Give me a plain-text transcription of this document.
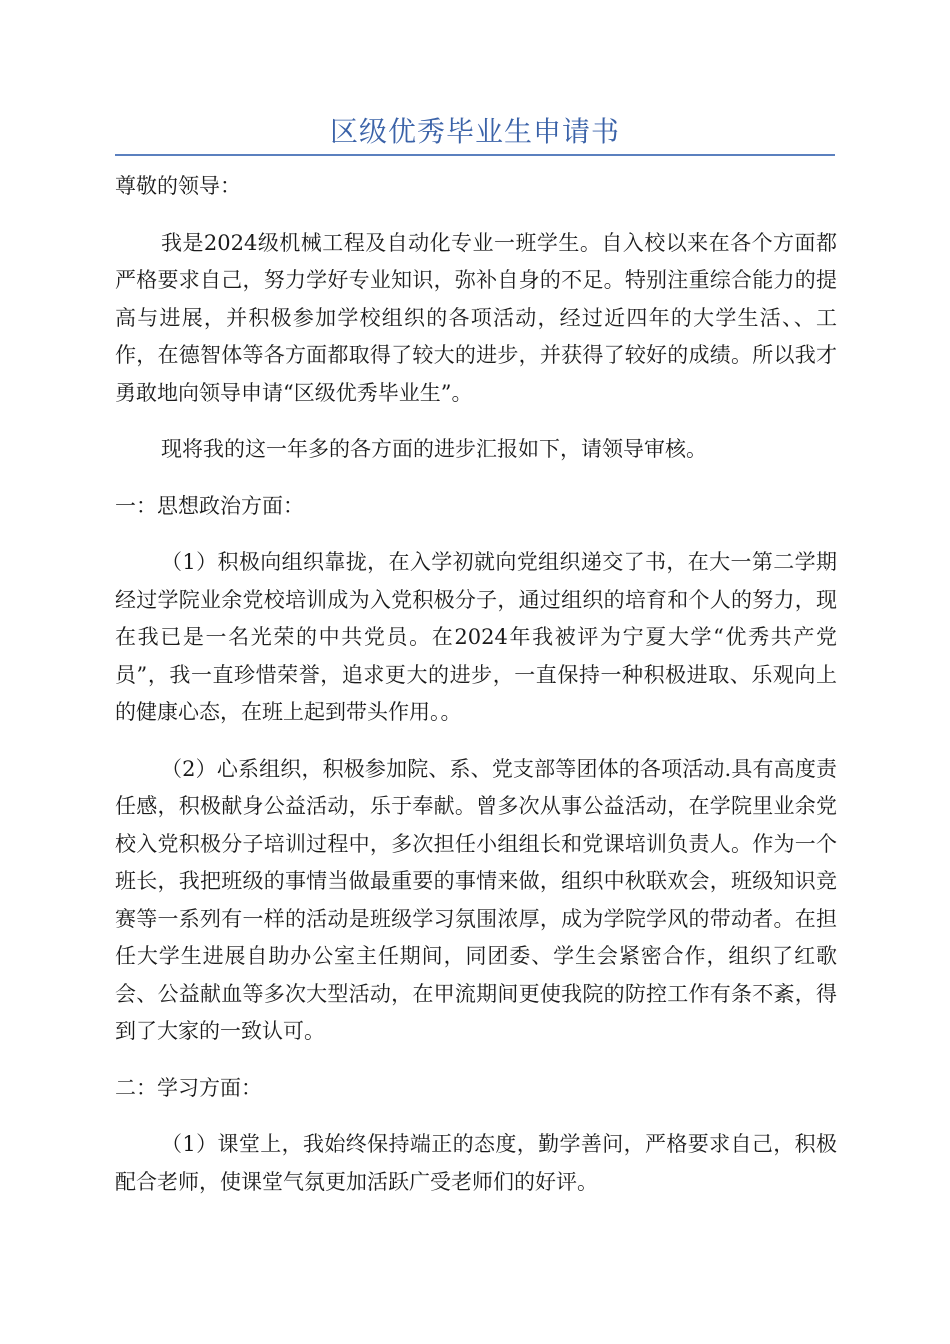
区级优秀毕业生申请书

尊敬的领导：

我是2024级机械工程及自动化专业一班学生。自入校以来在各个方面都严格要求自己，努力学好专业知识，弥补自身的不足。特别注重综合能力的提高与进展，并积极参加学校组织的各项活动，经过近四年的大学生活、、工作，在德智体等各方面都取得了较大的进步，并获得了较好的成绩。所以我才勇敢地向领导申请“区级优秀毕业生”。

现将我的这一年多的各方面的进步汇报如下，请领导审核。

一：思想政治方面：

（1）积极向组织靠拢，在入学初就向党组织递交了书，在大一第二学期经过学院业余党校培训成为入党积极分子，通过组织的培育和个人的努力，现在我已是一名光荣的中共党员。在2024年我被评为宁夏大学“优秀共产党员”，我一直珍惜荣誉，追求更大的进步，一直保持一种积极进取、乐观向上的健康心态，在班上起到带头作用。。

（2）心系组织，积极参加院、系、党支部等团体的各项活动.具有高度责任感，积极献身公益活动，乐于奉献。曾多次从事公益活动，在学院里业余党校入党积极分子培训过程中，多次担任小组组长和党课培训负责人。作为一个班长，我把班级的事情当做最重要的事情来做，组织中秋联欢会，班级知识竞赛等一系列有一样的活动是班级学习氛围浓厚，成为学院学风的带动者。在担任大学生进展自助办公室主任期间，同团委、学生会紧密合作，组织了红歌会、公益献血等多次大型活动，在甲流期间更使我院的防控工作有条不紊，得到了大家的一致认可。

二：学习方面：

（1）课堂上，我始终保持端正的态度，勤学善问，严格要求自己，积极配合老师，使课堂气氛更加活跃广受老师们的好评。
